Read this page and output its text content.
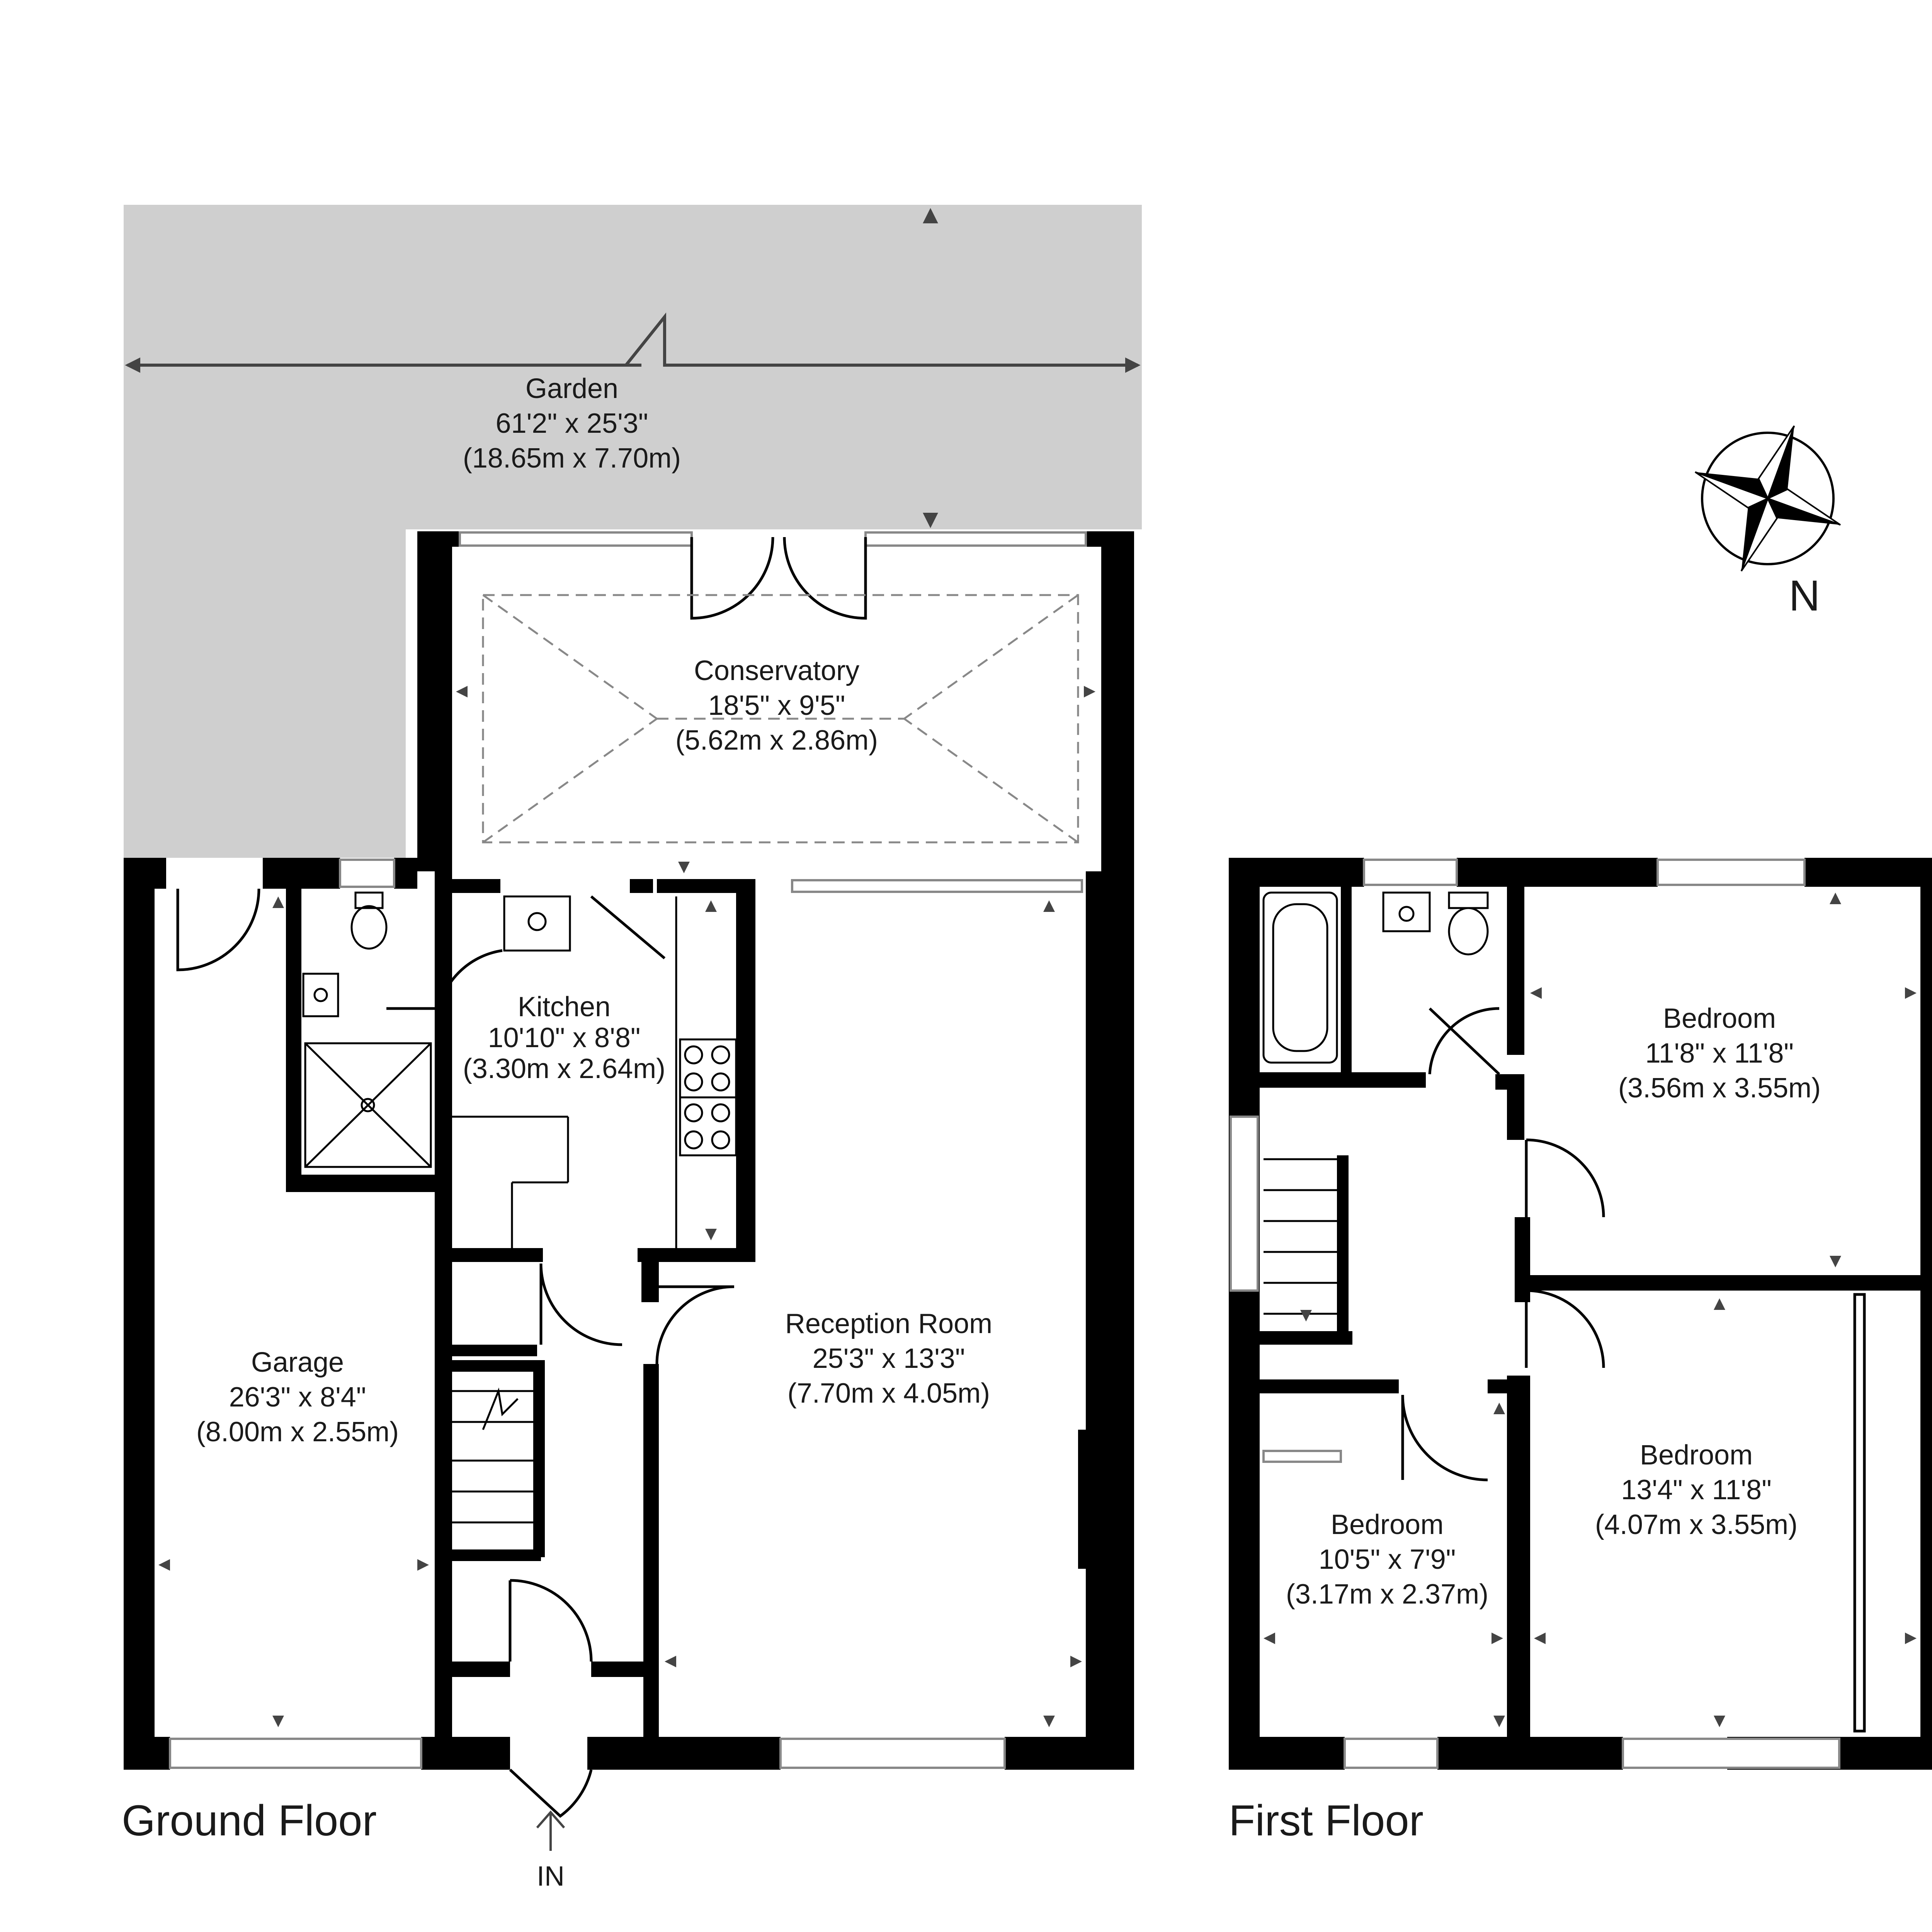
Garden
61'2" x 25'3"
(18.65m x 7.70m)
Conservatory
18'5" x 9'5"
(5.62m x 2.86m)
Kitchen
10'10" x 8'8"
(3.30m x 2.64m)
Reception Room
25'3" x 13'3"
(7.70m x 4.05m)
Garage
26'3" x 8'4"
(8.00m x 2.55m)
IN
Bedroom
11'8" x 11'8"
(3.56m x 3.55m)
Bedroom
13'4" x 11'8"
(4.07m x 3.55m)
Bedroom
10'5" x 7'9"
(3.17m x 2.37m)
Ground Floor	First Floor
N
